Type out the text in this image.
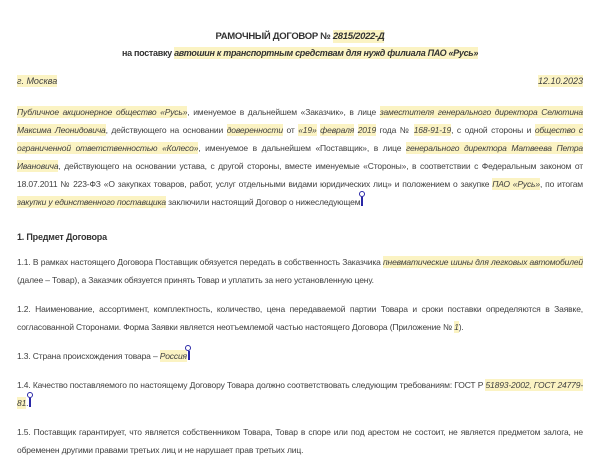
РАМОЧНЫЙ ДОГОВОР № 2815/2022-Д
на поставку автошин к транспортным средствам для нужд филиала ПАО «Русь»
г. Москва	12.10.2023

Публичное акционерное общество «Русь», именуемое в дальнейшем «Заказчик», в лице заместителя генерального директора Селютина Максима Леонидовича, действующего на основании доверенности от «19» февраля 2019 года № 168-91-19, с одной стороны и общество с ограниченной ответственностью «Колесо», именуемое в дальнейшем «Поставщик», в лице генерального директора Матвеева Петра Ивановича, действующего на основании устава, с другой стороны, вместе именуемые «Стороны», в соответствии с Федеральным законом от 18.07.2011 № 223-ФЗ «О закупках товаров, работ, услуг отдельными видами юридических лиц» и положением о закупке ПАО «Русь», по итогам закупки у единственного поставщика заключили настоящий Договор о нижеследующем

1. Предмет Договора

1.1. В рамках настоящего Договора Поставщик обязуется передать в собственность Заказчика пневматические шины для легковых автомобилей (далее – Товар), а Заказчик обязуется принять Товар и уплатить за него установленную цену.

1.2. Наименование, ассортимент, комплектность, количество, цена передаваемой партии Товара и сроки поставки определяются в Заявке, согласованной Сторонами. Форма Заявки является неотъемлемой частью настоящего Договора (Приложение № 1).

1.3. Страна происхождения товара – Россия

1.4. Качество поставляемого по настоящему Договору Товара должно соответствовать следующим требованиям: ГОСТ Р 51893-2002, ГОСТ 24779-81.

1.5. Поставщик гарантирует, что является собственником Товара, Товар в споре или под арестом не состоит, не является предметом залога, не обременен другими правами третьих лиц и не нарушает прав третьих лиц.
